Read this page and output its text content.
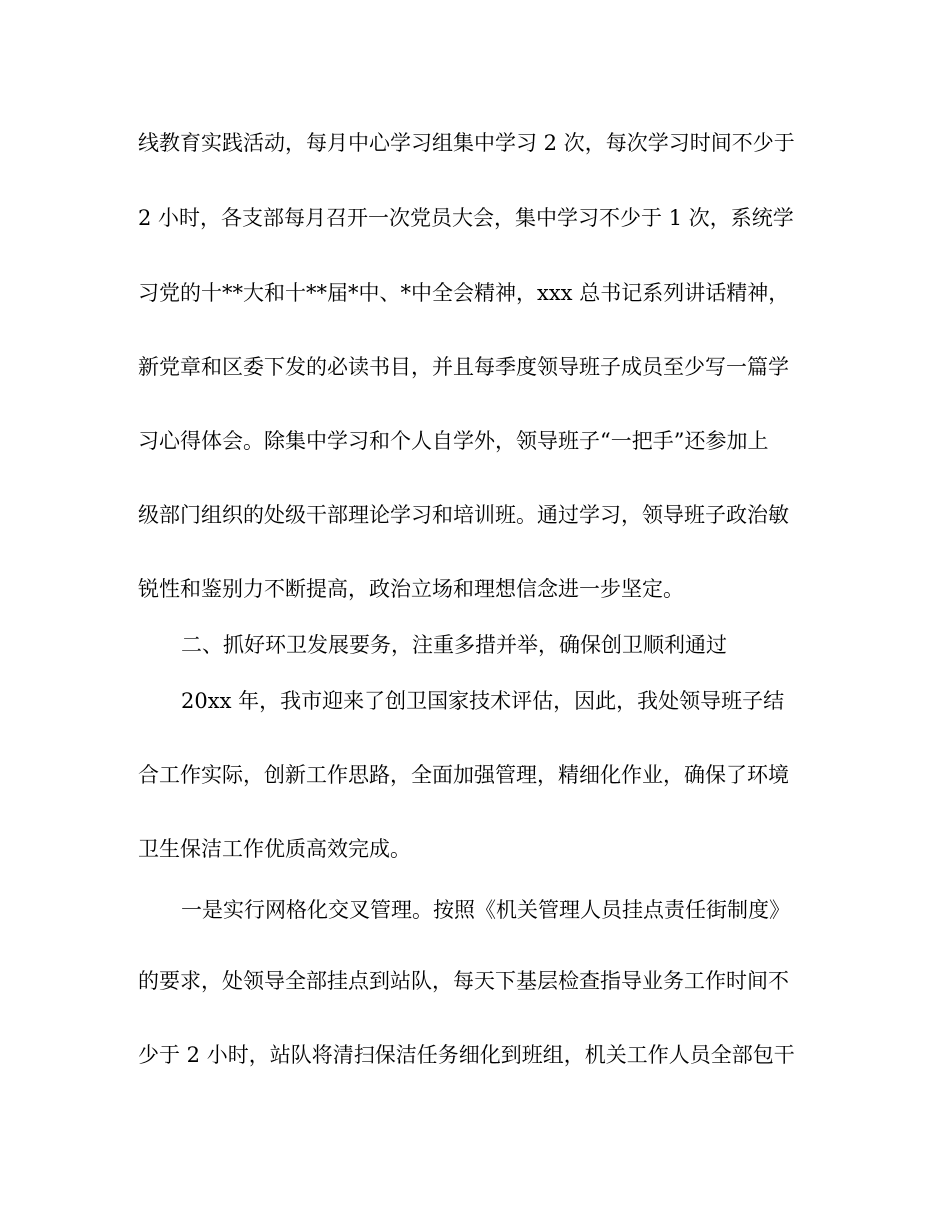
线教育实践活动，每月中心学习组集中学习 2 次，每次学习时间不少于
2 小时，各支部每月召开一次党员大会，集中学习不少于 1 次，系统学
习党的十**大和十**届*中、*中全会精神，xxx 总书记系列讲话精神，
新党章和区委下发的必读书目，并且每季度领导班子成员至少写一篇学
习心得体会。除集中学习和个人自学外，领导班子“一把手”还参加上
级部门组织的处级干部理论学习和培训班。通过学习，领导班子政治敏
锐性和鉴别力不断提高，政治立场和理想信念进一步坚定。
二、抓好环卫发展要务，注重多措并举，确保创卫顺利通过
20xx 年，我市迎来了创卫国家技术评估，因此，我处领导班子结
合工作实际，创新工作思路，全面加强管理，精细化作业，确保了环境
卫生保洁工作优质高效完成。
一是实行网格化交叉管理。按照《机关管理人员挂点责任街制度》
的要求，处领导全部挂点到站队，每天下基层检查指导业务工作时间不
少于 2 小时，站队将清扫保洁任务细化到班组，机关工作人员全部包干
